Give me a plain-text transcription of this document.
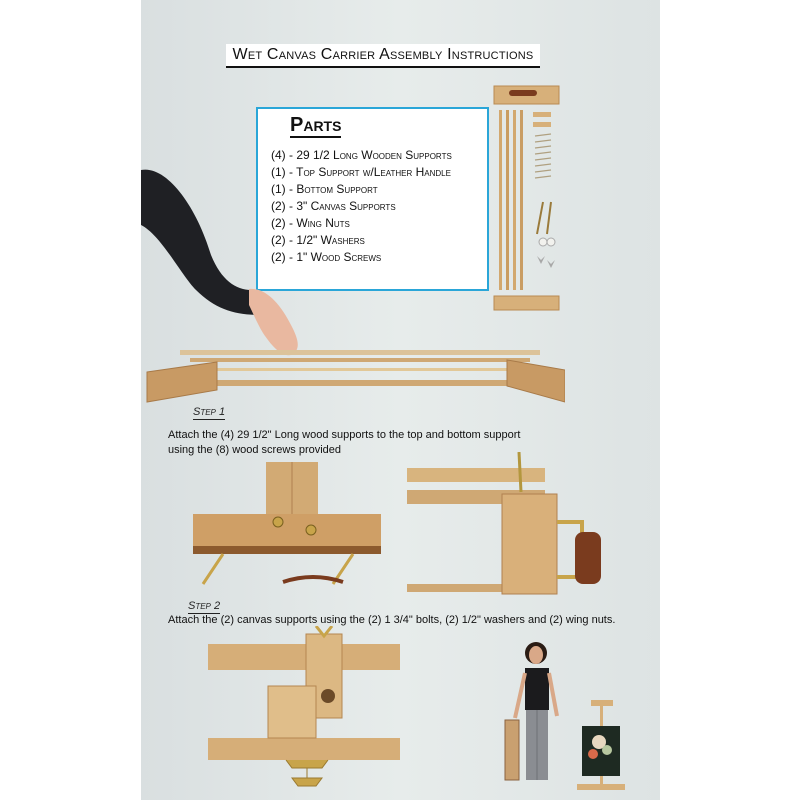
Wet Canvas Carrier Assembly Instructions
Parts
(4) - 29 1/2 Long Wooden Supports
(1) - Top Support w/Leather Handle
(1) - Bottom Support
(2) - 3" Canvas Supports
(2) - Wing Nuts
(2) - 1/2" Washers
(2) - 1" Wood Screws
Step 1
Attach the (4) 29 1/2" Long wood supports to the top and bottom support
using the (8) wood screws provided
Step 2
Attach the (2) canvas supports using the (2) 1 3/4" bolts, (2) 1/2" washers and (2) wing nuts.
